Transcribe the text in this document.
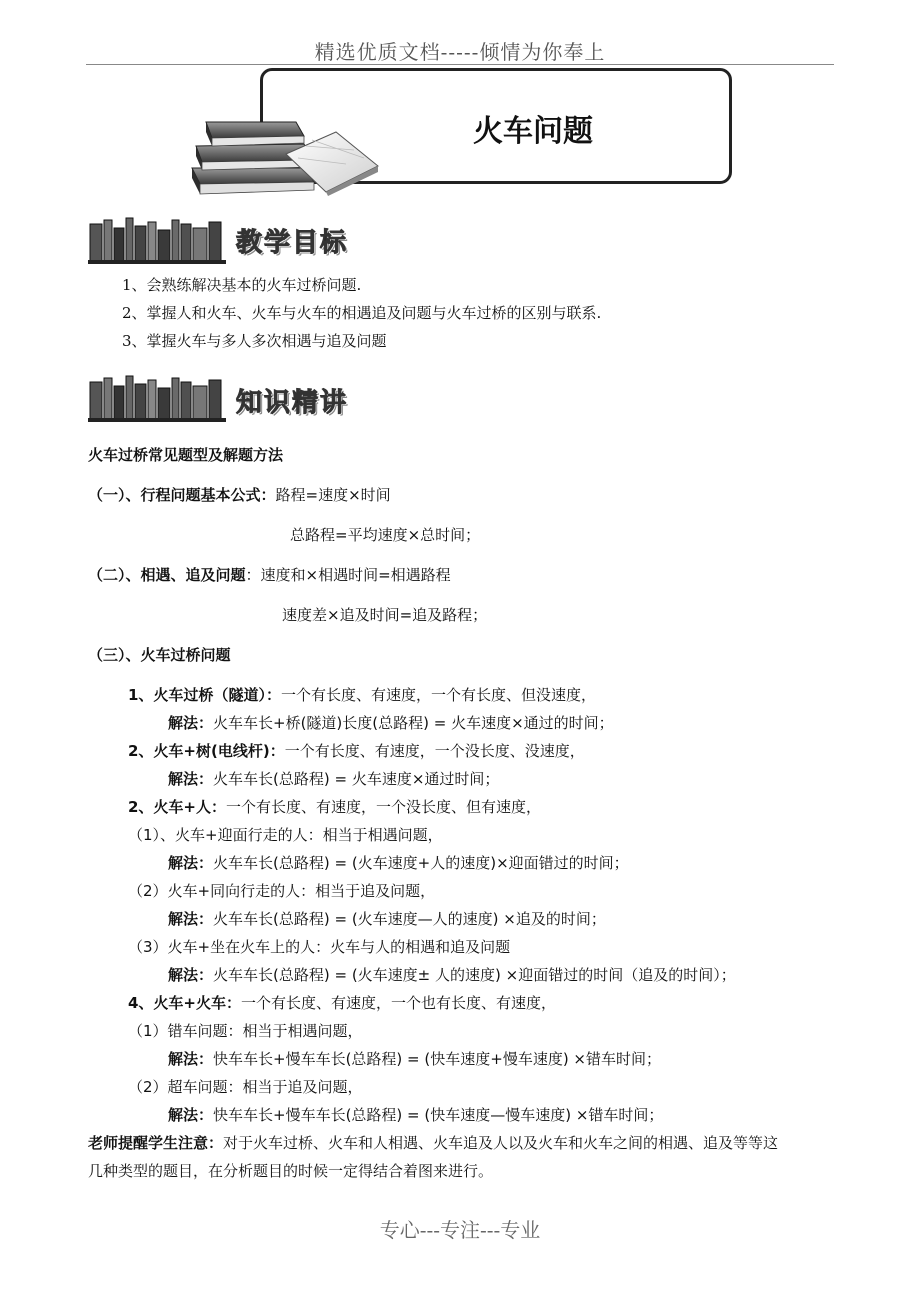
精选优质文档-----倾情为你奉上
火车问题
教学目标
1、会熟练解决基本的火车过桥问题.
2、掌握人和火车、火车与火车的相遇追及问题与火车过桥的区别与联系.
3、掌握火车与多人多次相遇与追及问题
知识精讲
火车过桥常见题型及解题方法
（一）、行程问题基本公式：路程=速度×时间
总路程=平均速度×总时间；
（二）、相遇、追及问题：速度和×相遇时间=相遇路程
速度差×追及时间=追及路程；
（三）、火车过桥问题
1、火车过桥（隧道）：一个有长度、有速度，一个有长度、但没速度，
解法：火车车长+桥(隧道)长度(总路程) = 火车速度×通过的时间；
2、火车+树(电线杆)：一个有长度、有速度，一个没长度、没速度，
解法：火车车长(总路程) = 火车速度×通过时间；
2、火车+人：一个有长度、有速度，一个没长度、但有速度，
（1）、火车+迎面行走的人：相当于相遇问题，
解法：火车车长(总路程) = (火车速度+人的速度)×迎面错过的时间；
（2）火车+同向行走的人：相当于追及问题，
解法：火车车长(总路程) = (火车速度—人的速度) ×追及的时间；
（3）火车+坐在火车上的人：火车与人的相遇和追及问题
解法：火车车长(总路程) = (火车速度± 人的速度) ×迎面错过的时间（追及的时间）；
4、火车+火车：一个有长度、有速度，一个也有长度、有速度，
（1）错车问题：相当于相遇问题，
解法：快车车长+慢车车长(总路程) = (快车速度+慢车速度) ×错车时间；
（2）超车问题：相当于追及问题，
解法：快车车长+慢车车长(总路程) = (快车速度—慢车速度) ×错车时间；
老师提醒学生注意：对于火车过桥、火车和人相遇、火车追及人以及火车和火车之间的相遇、追及等等这
几种类型的题目，在分析题目的时候一定得结合着图来进行。
专心---专注---专业
